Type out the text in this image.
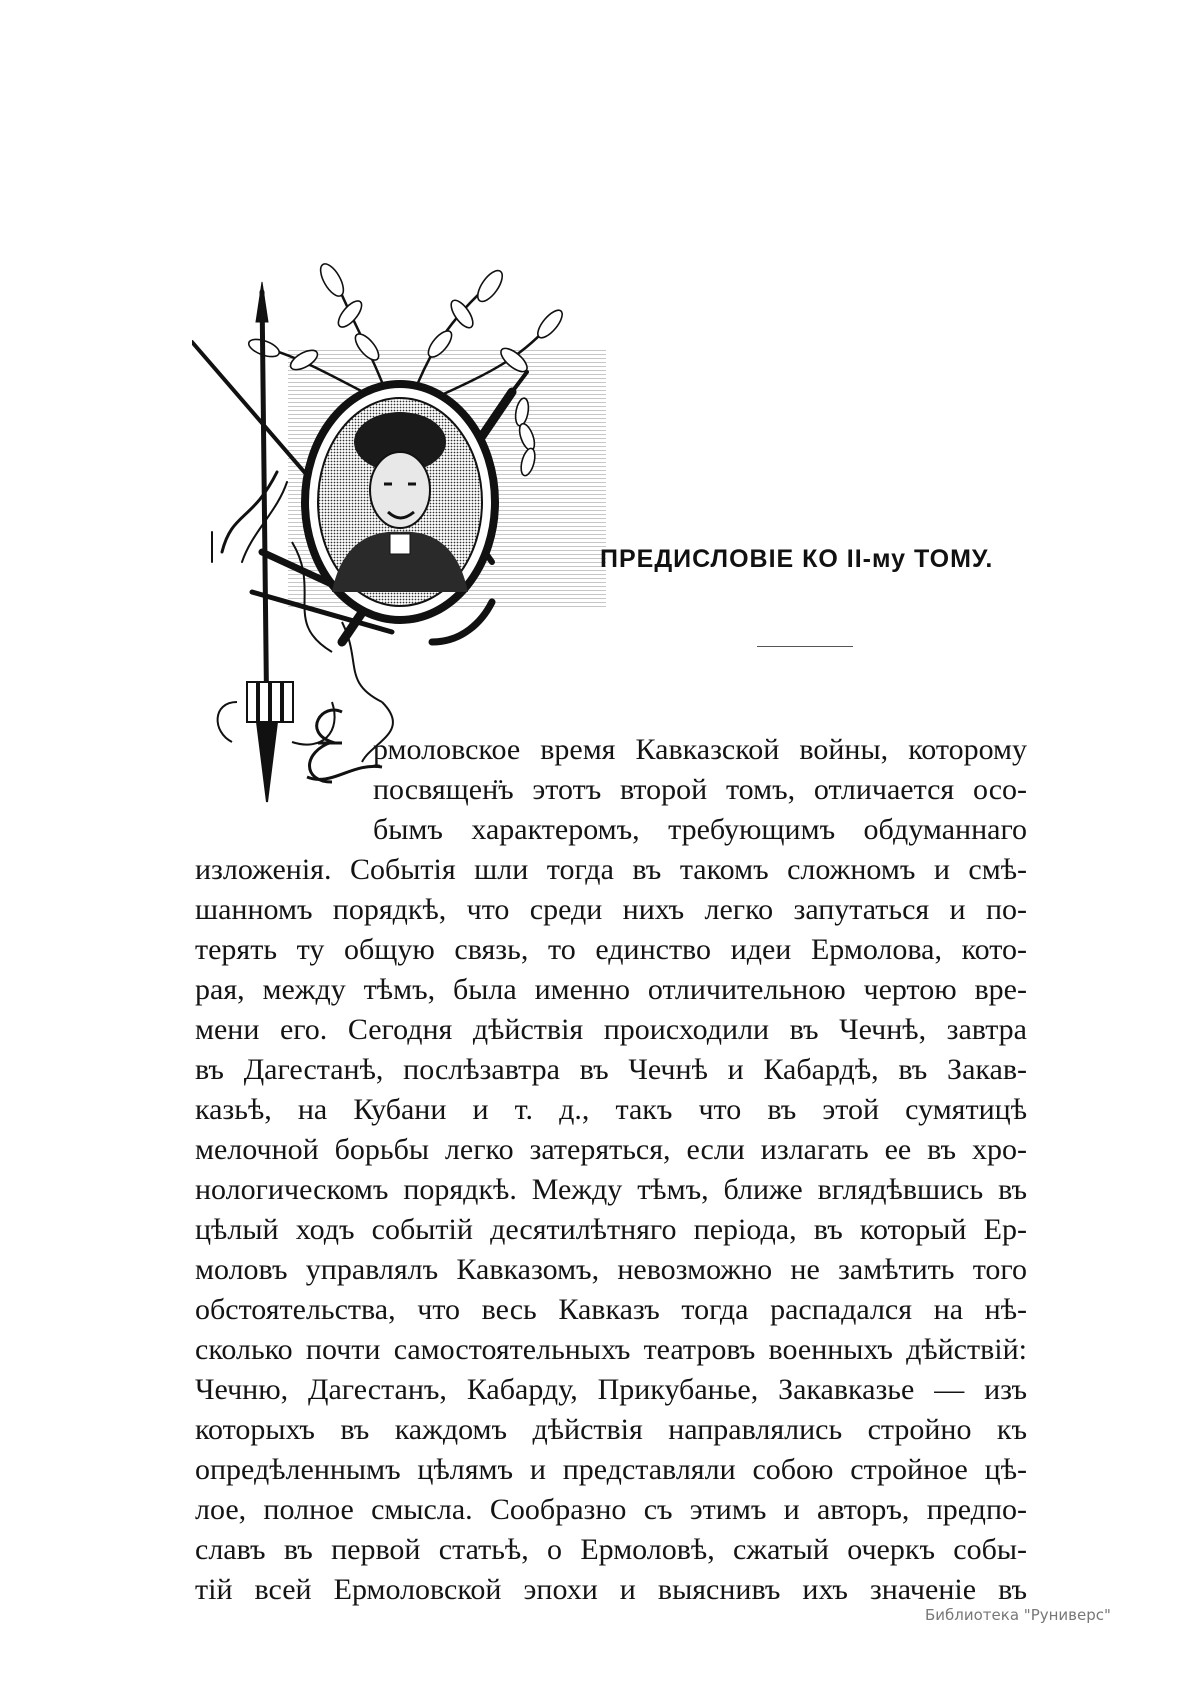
ПРЕДИСЛОВІЕ КО II-му ТОМУ.
рмоловское время Кавказской войны, которому
посвящен̈ъ этотъ второй томъ, отличается осо-
бымъ характеромъ, требующимъ обдуманнаго
изложенія. Событія шли тогда въ такомъ сложномъ и смѣ-
шанномъ порядкѣ, что среди нихъ легко запутаться и по-
терять ту общую связь, то единство идеи Ермолова, кото-
рая, между тѣмъ, была именно отличительною чертою вре-
мени его. Сегодня дѣйствія происходили въ Чечнѣ, завтра
въ Дагестанѣ, послѣзавтра въ Чечнѣ и Кабардѣ, въ Закав-
казьѣ, на Кубани и т. д., такъ что въ этой сумятицѣ
мелочной борьбы легко затеряться, если излагать ее въ хро-
нологическомъ порядкѣ. Между тѣмъ, ближе вглядѣвшись въ
цѣлый ходъ событій десятилѣтняго періода, въ который Ер-
моловъ управлялъ Кавказомъ, невозможно не замѣтить того
обстоятельства, что весь Кавказъ тогда распадался на нѣ-
сколько почти самостоятельныхъ театровъ военныхъ дѣйствій:
Чечню, Дагестанъ, Кабарду, Прикубанье, Закавказье — изъ
которыхъ въ каждомъ дѣйствія направлялись стройно къ
опредѣленнымъ цѣлямъ и представляли собою стройное цѣ-
лое, полное смысла. Сообразно съ этимъ и авторъ, предпо-
славъ въ первой статьѣ, о Ермоловѣ, сжатый очеркъ собы-
тій всей Ермоловской эпохи и выяснивъ ихъ значеніе въ
Библиотека "Руниверс"
